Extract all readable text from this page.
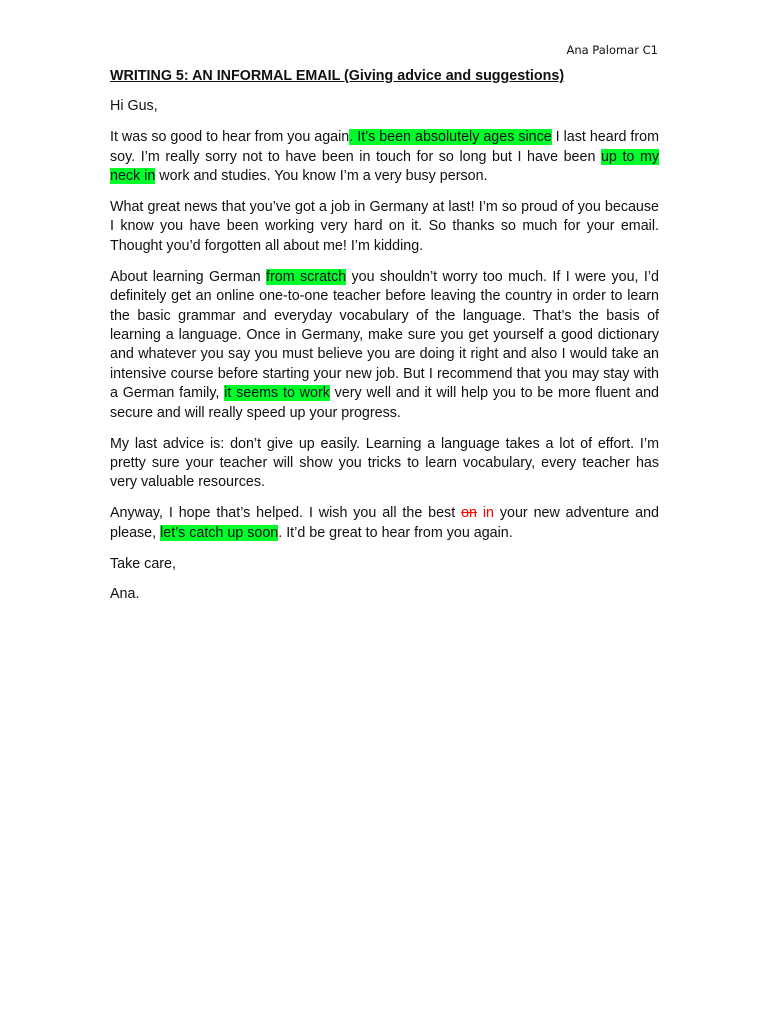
Ana Palomar C1
WRITING 5: AN INFORMAL EMAIL (Giving advice and suggestions)

Hi Gus,

It was so good to hear from you again. It’s been absolutely ages since I last heard from soy. I’m really sorry not to have been in touch for so long but I have been up to my neck in work and studies. You know I’m a very busy person.

What great news that you’ve got a job in Germany at last! I’m so proud of you because I know you have been working very hard on it. So thanks so much for your email. Thought you’d forgotten all about me! I’m kidding.

About learning German from scratch you shouldn’t worry too much. If I were you, I’d definitely get an online one-to-one teacher before leaving the country in order to learn the basic grammar and everyday vocabulary of the language. That’s the basis of learning a language. Once in Germany, make sure you get yourself a good dictionary and whatever you say you must believe you are doing it right and also I would take an intensive course before starting your new job. But I recommend that you may stay with a German family, it seems to work very well and it will help you to be more fluent and secure and will really speed up your progress.

My last advice is: don’t give up easily. Learning a language takes a lot of effort. I’m pretty sure your teacher will show you tricks to learn vocabulary, every teacher has very valuable resources.

Anyway, I hope that’s helped. I wish you all the best on in your new adventure and please, let’s catch up soon. It’d be great to hear from you again.

Take care,

Ana.
